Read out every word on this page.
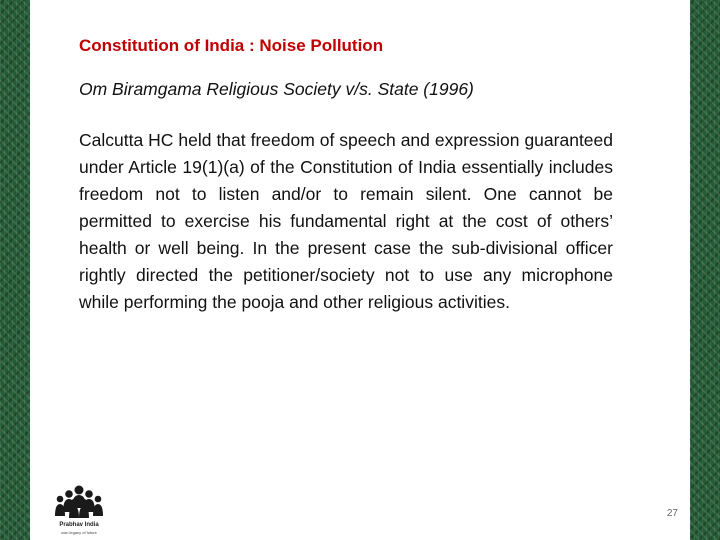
Constitution of India : Noise Pollution

Om Biramgama Religious Society v/s. State (1996)

Calcutta HC held that freedom of speech and expression guaranteed under Article 19(1)(a) of the Constitution of India essentially includes freedom not to listen and/or to remain silent. One cannot be permitted to exercise his fundamental right at the cost of others’ health or well being. In the present case the sub-divisional officer rightly directed the petitioner/society not to use any microphone while performing the pooja and other religious activities.

Prabhav India
own legacy of future
27
